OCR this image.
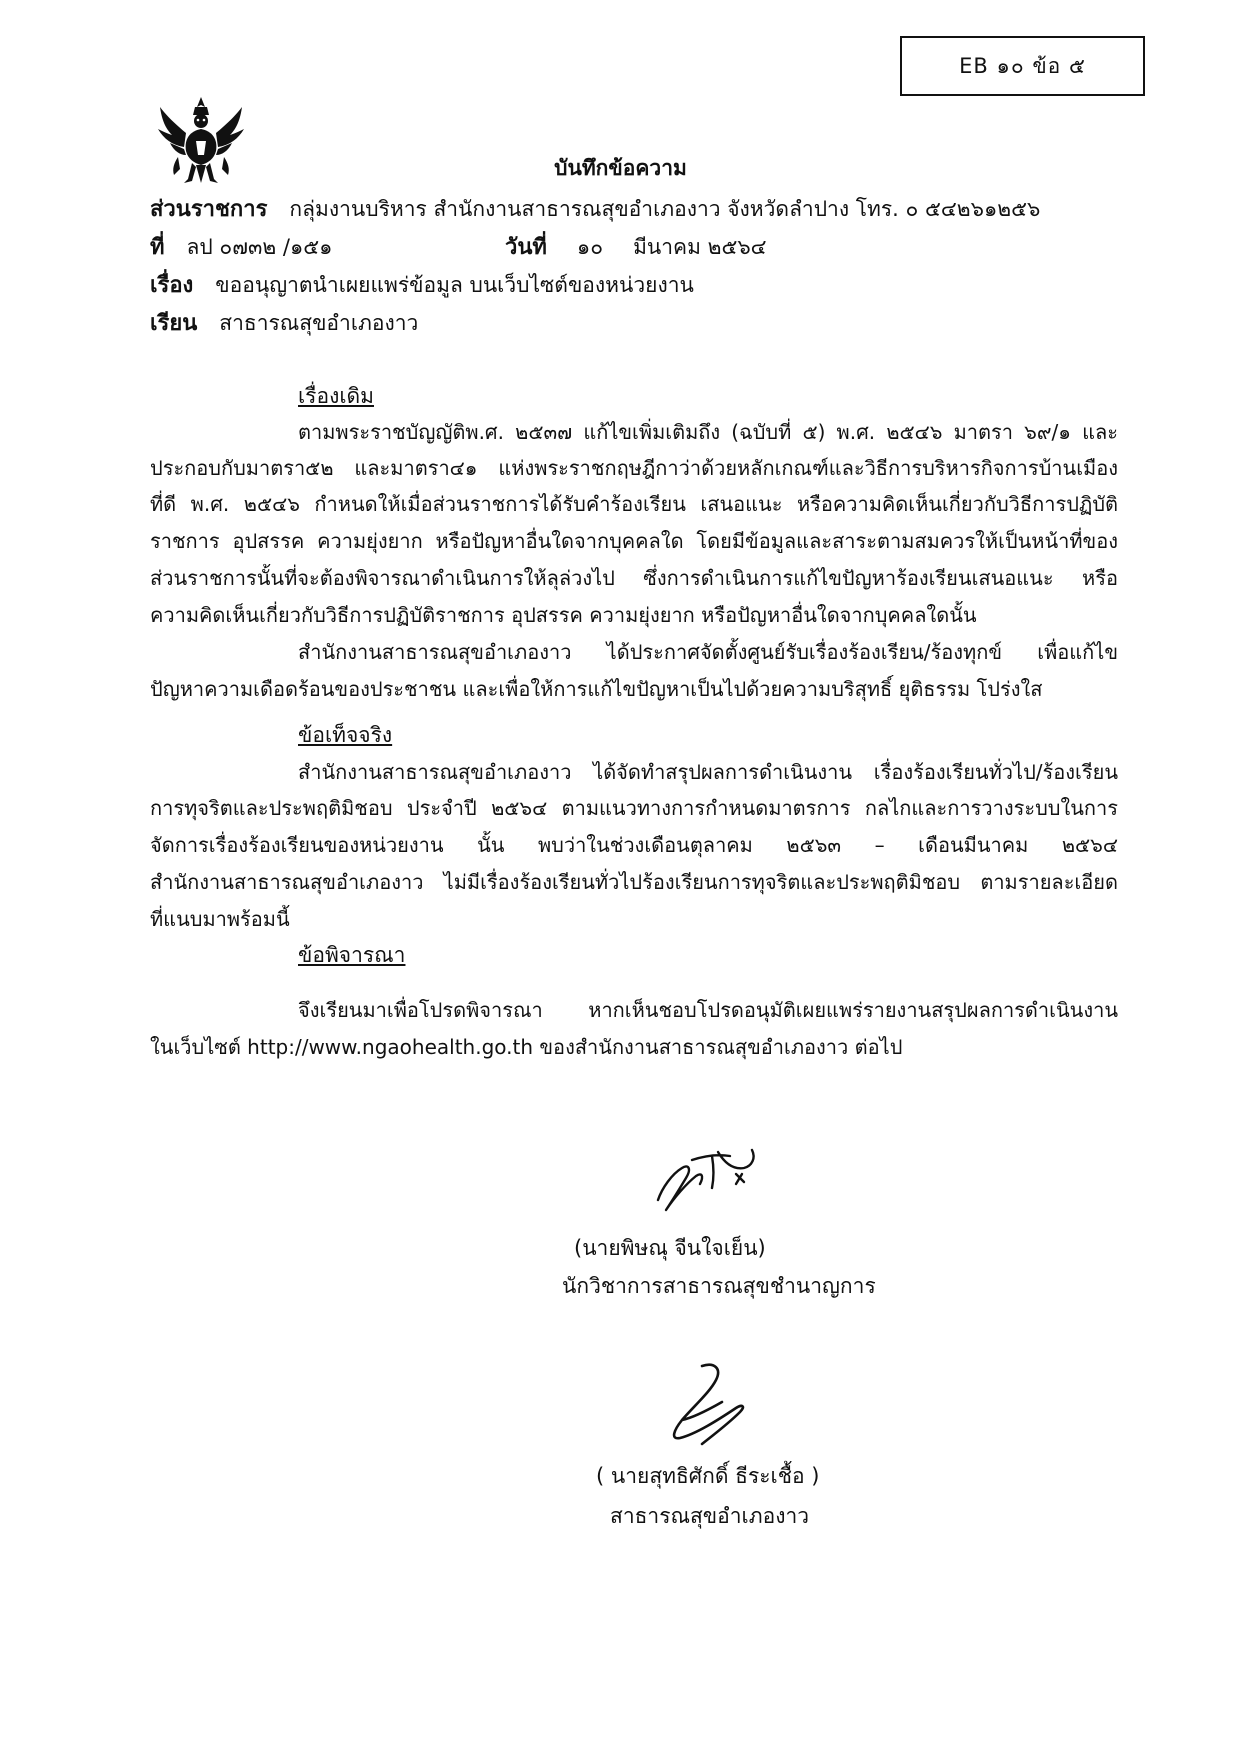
EB ๑๐ ข้อ ๕
บันทึกข้อความ
ส่วนราชการ กลุ่มงานบริหาร สำนักงานสาธารณสุขอำเภองาว จังหวัดลำปาง โทร. ๐ ๕๔๒๖๑๒๕๖
ที่ ลป ๐๗๓๒ /๑๕๑	วันที่ ๑๐ มีนาคม ๒๕๖๔
เรื่อง ขออนุญาตนำเผยแพร่ข้อมูล บนเว็บไซต์ของหน่วยงาน
เรียน สาธารณสุขอำเภองาว
เรื่องเดิม
ตามพระราชบัญญัติพ.ศ. ๒๕๓๗ แก้ไขเพิ่มเติมถึง (ฉบับที่ ๕) พ.ศ. ๒๕๔๖ มาตรา ๖๙/๑ และ
ประกอบกับมาตรา๕๒ และมาตรา๔๑ แห่งพระราชกฤษฎีกาว่าด้วยหลักเกณฑ์และวิธีการบริหารกิจการบ้านเมือง
ที่ดี พ.ศ. ๒๕๔๖ กำหนดให้เมื่อส่วนราชการได้รับคำร้องเรียน เสนอแนะ หรือความคิดเห็นเกี่ยวกับวิธีการปฏิบัติ
ราชการ อุปสรรค ความยุ่งยาก หรือปัญหาอื่นใดจากบุคคลใด โดยมีข้อมูลและสาระตามสมควรให้เป็นหน้าที่ของ
ส่วนราชการนั้นที่จะต้องพิจารณาดำเนินการให้ลุล่วงไป ซึ่งการดำเนินการแก้ไขปัญหาร้องเรียนเสนอแนะ หรือ
ความคิดเห็นเกี่ยวกับวิธีการปฏิบัติราชการ อุปสรรค ความยุ่งยาก หรือปัญหาอื่นใดจากบุคคลใดนั้น
สำนักงานสาธารณสุขอำเภองาว ได้ประกาศจัดตั้งศูนย์รับเรื่องร้องเรียน/ร้องทุกข์ เพื่อแก้ไข
ปัญหาความเดือดร้อนของประชาชน และเพื่อให้การแก้ไขปัญหาเป็นไปด้วยความบริสุทธิ์ ยุติธรรม โปร่งใส
ข้อเท็จจริง
สำนักงานสาธารณสุขอำเภองาว ได้จัดทำสรุปผลการดำเนินงาน เรื่องร้องเรียนทั่วไป/ร้องเรียน
การทุจริตและประพฤติมิชอบ ประจำปี ๒๕๖๔ ตามแนวทางการกำหนดมาตรการ กลไกและการวางระบบในการ
จัดการเรื่องร้องเรียนของหน่วยงาน นั้น พบว่าในช่วงเดือนตุลาคม ๒๕๖๓ – เดือนมีนาคม ๒๕๖๔
สำนักงานสาธารณสุขอำเภองาว ไม่มีเรื่องร้องเรียนทั่วไปร้องเรียนการทุจริตและประพฤติมิชอบ ตามรายละเอียด
ที่แนบมาพร้อมนี้
ข้อพิจารณา
จึงเรียนมาเพื่อโปรดพิจารณา หากเห็นชอบโปรดอนุมัติเผยแพร่รายงานสรุปผลการดำเนินงาน
ในเว็บไซต์ http://www.ngaohealth.go.th ของสำนักงานสาธารณสุขอำเภองาว ต่อไป
(นายพิษณุ จีนใจเย็น)
นักวิชาการสาธารณสุขชำนาญการ
( นายสุทธิศักดิ์ ธีระเชื้อ )
สาธารณสุขอำเภองาว
